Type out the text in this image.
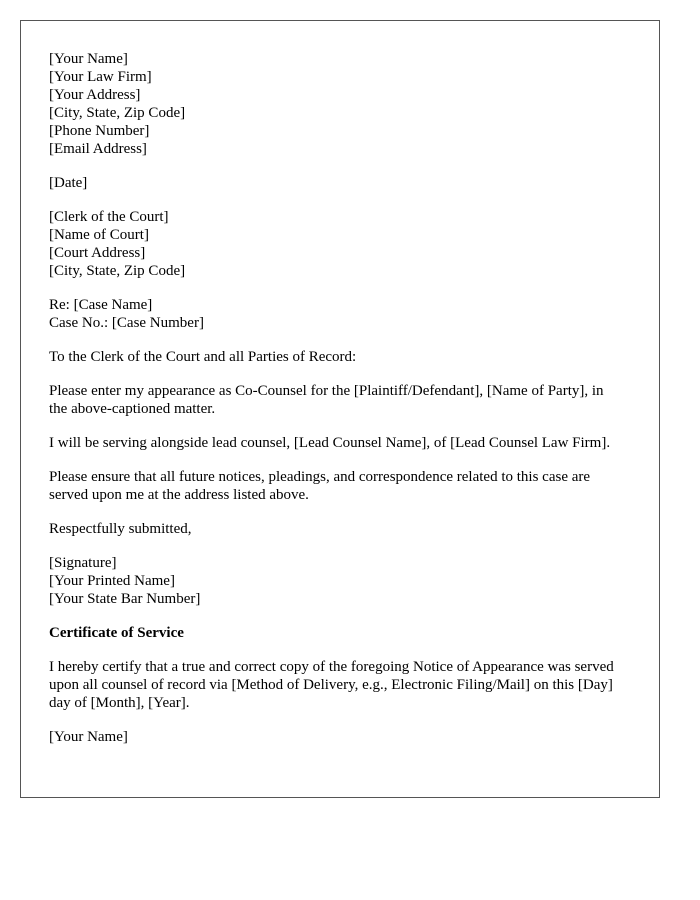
[Your Name]
[Your Law Firm]
[Your Address]
[City, State, Zip Code]
[Phone Number]
[Email Address]
[Date]
[Clerk of the Court]
[Name of Court]
[Court Address]
[City, State, Zip Code]
Re: [Case Name]
Case No.: [Case Number]

To the Clerk of the Court and all Parties of Record:

Please enter my appearance as Co-Counsel for the [Plaintiff/Defendant], [Name of Party], in the above-captioned matter.

I will be serving alongside lead counsel, [Lead Counsel Name], of [Lead Counsel Law Firm].

Please ensure that all future notices, pleadings, and correspondence related to this case are served upon me at the address listed above.

Respectfully submitted,

[Signature]
[Your Printed Name]
[Your State Bar Number]

Certificate of Service

I hereby certify that a true and correct copy of the foregoing Notice of Appearance was served upon all counsel of record via [Method of Delivery, e.g., Electronic Filing/Mail] on this [Day] day of [Month], [Year].

[Your Name]
